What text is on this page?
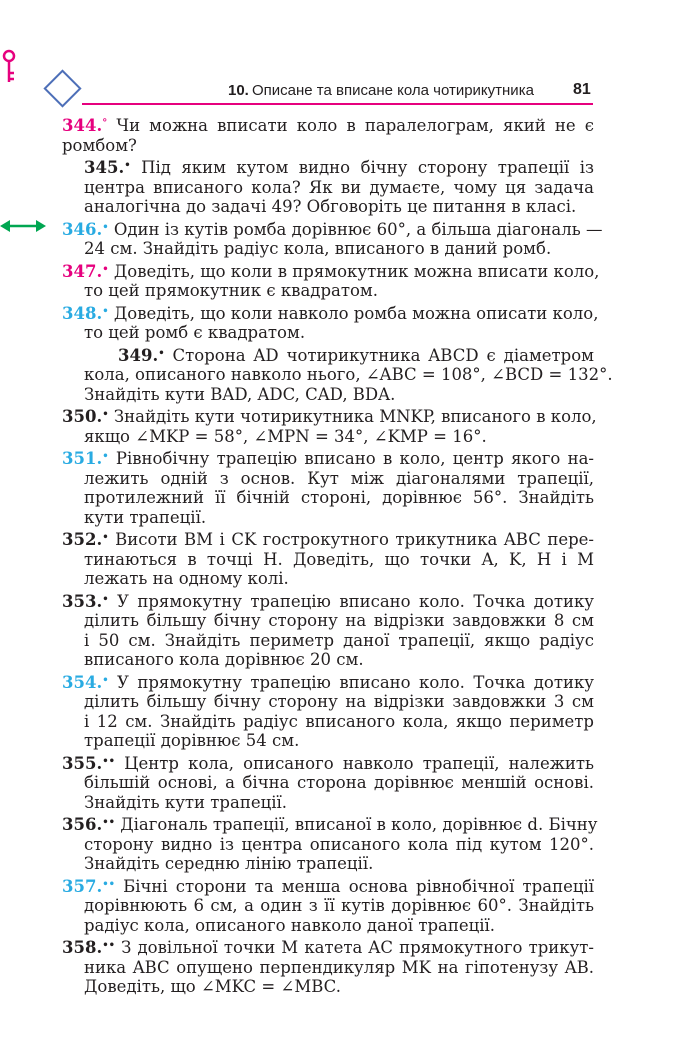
10. Описане та вписане кола чотирикутника 81
344.° Чи можна вписати коло в паралелограм, який не є
ромбом?
345.• Під яким кутом видно бічну сторону трапеції із
центра вписаного кола? Як ви думаєте, чому ця задача
аналогічна до задачі 49? Обговоріть це питання в класі.
346.• Один із кутів ромба дорівнює 60°, а більша діагональ —
24 см. Знайдіть радіус кола, вписаного в даний ромб.
347.• Доведіть, що коли в прямокутник можна вписати коло,
то цей прямокутник є квадратом.
348.• Доведіть, що коли навколо ромба можна описати коло,
то цей ромб є квадратом.
349.• Сторона AD чотирикутника ABCD є діаметром
кола, описаного навколо нього, ∠ABC = 108°, ∠BCD = 132°.
Знайдіть кути BAD, ADC, CAD, BDA.
350.• Знайдіть кути чотирикутника MNKP, вписаного в коло,
якщо ∠MKP = 58°, ∠MPN = 34°, ∠KMP = 16°.
351.• Рівнобічну трапецію вписано в коло, центр якого на-
лежить одній з основ. Кут між діагоналями трапеції,
протилежний її бічній стороні, дорівнює 56°. Знайдіть
кути трапеції.
352.• Висоти BM і CK гострокутного трикутника ABC пере-
тинаються в точці H. Доведіть, що точки A, K, H і M
лежать на одному колі.
353.• У прямокутну трапецію вписано коло. Точка дотику
ділить більшу бічну сторону на відрізки завдовжки 8 см
і 50 см. Знайдіть периметр даної трапеції, якщо радіус
вписаного кола дорівнює 20 см.
354.• У прямокутну трапецію вписано коло. Точка дотику
ділить більшу бічну сторону на відрізки завдовжки 3 см
і 12 см. Знайдіть радіус вписаного кола, якщо периметр
трапеції дорівнює 54 см.
355.•• Центр кола, описаного навколо трапеції, належить
більшій основі, а бічна сторона дорівнює меншій основі.
Знайдіть кути трапеції.
356.•• Діагональ трапеції, вписаної в коло, дорівнює d. Бічну
сторону видно із центра описаного кола під кутом 120°.
Знайдіть середню лінію трапеції.
357.•• Бічні сторони та менша основа рівнобічної трапеції
дорівнюють 6 см, а один з її кутів дорівнює 60°. Знайдіть
радіус кола, описаного навколо даної трапеції.
358.•• З довільної точки M катета AC прямокутного трикут-
ника ABC опущено перпендикуляр MK на гіпотенузу AB.
Доведіть, що ∠MKC = ∠MBC.
